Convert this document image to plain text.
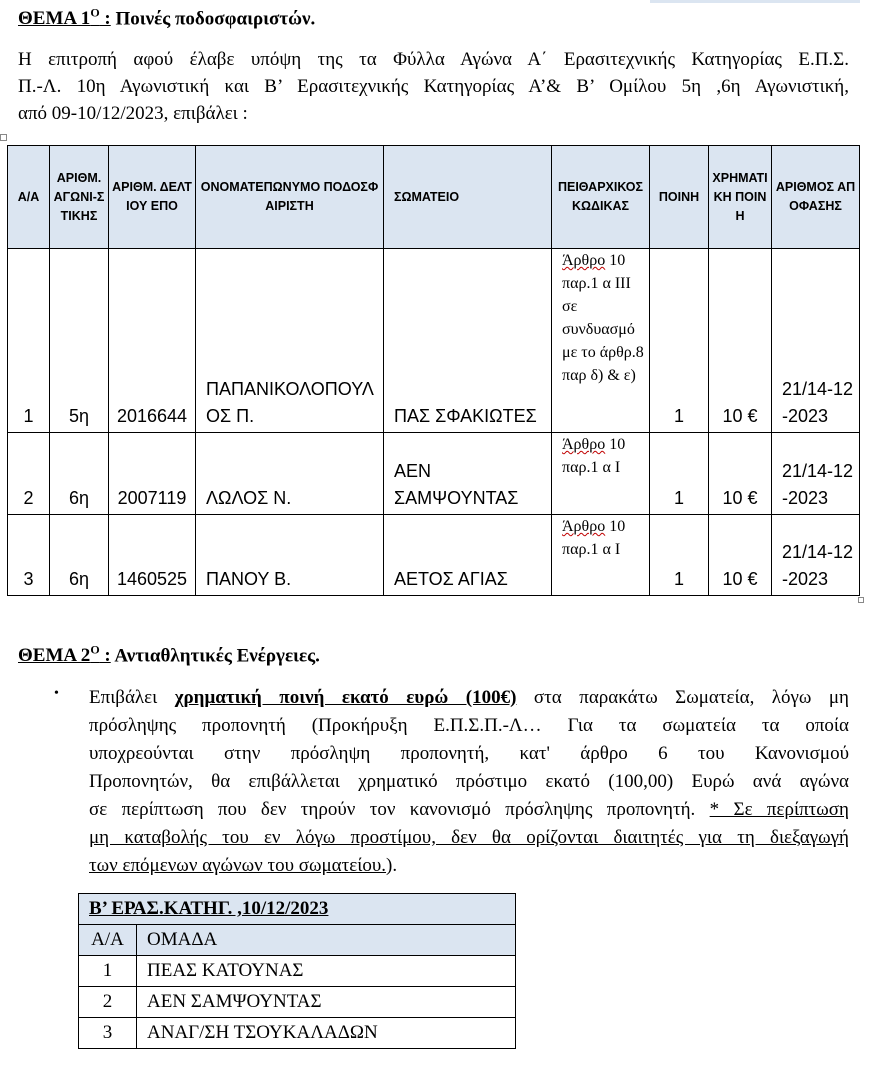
ΘΕΜΑ $1^O$ : Ποινές ποδοσφαιριστών.
Η επιτροπή αφού έλαβε υπόψη της τα Φύλλα Αγώνα Α΄ Ερασιτεχνικής Κατηγορίας Ε.Π.Σ.
Π.-Λ. 10η Αγωνιστική και Β’ Ερασιτεχνικής Κατηγορίας Α’& Β’ Ομίλου 5η ,6η Αγωνιστική,
από 09-10/12/2023, επιβάλει :
Α/Α	ΑΡΙΘΜ. ΑΓΩΝΙ-ΣΤΙΚΗΣ	ΑΡΙΘΜ. ΔΕΛΤΙΟΥ ΕΠΟ	ΟΝΟΜΑΤΕΠΩΝΥΜΟ ΠΟΔΟΣΦΑΙΡΙΣΤΗ	ΣΩΜΑΤΕΙΟ	ΠΕΙΘΑΡΧΙΚΟΣ ΚΩΔΙΚΑΣ	ΠΟΙΝΗ	ΧΡΗΜΑΤΙΚΗ ΠΟΙΝΗ	ΑΡΙΘΜΟΣ ΑΠΟΦΑΣΗΣ
1	5η	2016644	ΠΑΠΑΝΙΚΟΛΟΠΟΥΛΟΣ Π.	ΠΑΣ ΣΦΑΚΙΩΤΕΣ	Άρθρο 10 παρ.1 α ΙΙΙ σε συνδυασμό με το άρθρ.8 παρ δ) & ε)	1	10 €	21/14-12-2023
2	6η	2007119	ΛΩΛΟΣ Ν.	ΑΕΝ ΣΑΜΨΟΥΝΤΑΣ	Άρθρο 10 παρ.1 α Ι	1	10 €	21/14-12-2023
3	6η	1460525	ΠΑΝΟΥ Β.	ΑΕΤΟΣ ΑΓΙΑΣ	Άρθρο 10 παρ.1 α Ι	1	10 €	21/14-12-2023
ΘΕΜΑ $2^O$ : Αντιαθλητικές Ενέργειες.
• Επιβάλει χρηματική ποινή εκατό ευρώ (100€) στα παρακάτω Σωματεία, λόγω μη
πρόσληψης προπονητή (Προκήρυξη Ε.Π.Σ.Π.-Λ… Για τα σωματεία τα οποία
υποχρεούνται στην πρόσληψη προπονητή, κατ' άρθρο 6 του Κανονισμού
Προπονητών, θα επιβάλλεται χρηματικό πρόστιμο εκατό (100,00) Ευρώ ανά αγώνα
σε περίπτωση που δεν τηρούν τον κανονισμό πρόσληψης προπονητή. * Σε περίπτωση
μη καταβολής του εν λόγω προστίμου, δεν θα ορίζονται διαιτητές για τη διεξαγωγή
των επόμενων αγώνων του σωματείου.).
Β’ ΕΡΑΣ.ΚΑΤΗΓ. ,10/12/2023	
Α/Α	ΟΜΑΔΑ
1	ΠΕΑΣ ΚΑΤΟΥΝΑΣ
2	ΑΕΝ ΣΑΜΨΟΥΝΤΑΣ
3	ΑΝΑΓ/ΣΗ ΤΣΟΥΚΑΛΑΔΩΝ
